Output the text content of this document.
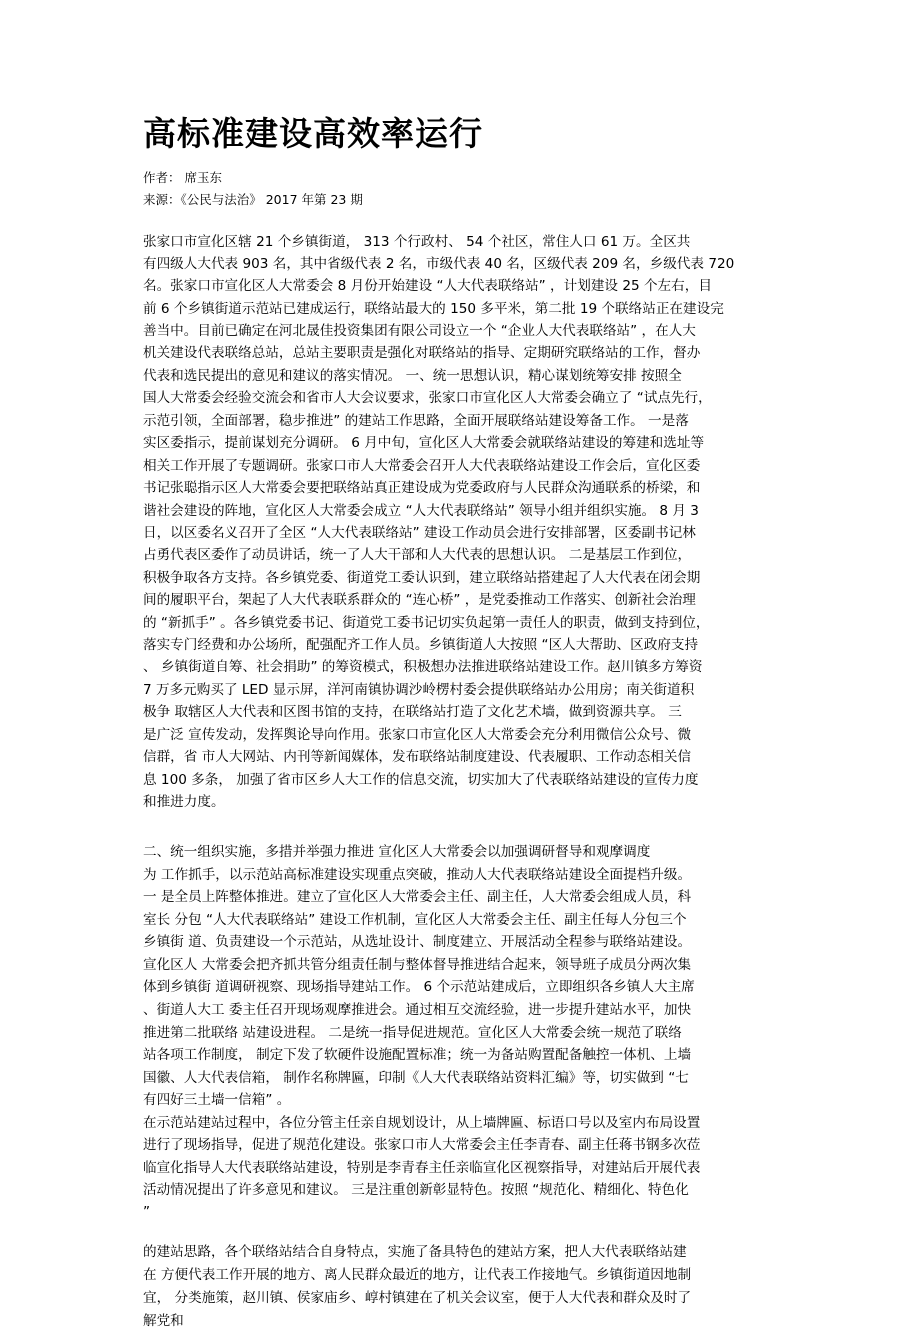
高标准建设高效率运行
作者： 席玉东
来源：《公民与法治》 2017 年第 23 期
张家口市宣化区辖 21 个乡镇街道， 313 个行政村、 54 个社区，常住人口 61 万。全区共
有四级人大代表 903 名，其中省级代表 2 名，市级代表 40 名，区级代表 209 名，乡级代表 720
名。张家口市宣化区人大常委会 8 月份开始建设 “人大代表联络站” ，计划建设 25 个左右，目
前 6 个乡镇街道示范站已建成运行，联络站最大的 150 多平米，第二批 19 个联络站正在建设完
善当中。目前已确定在河北晟佳投资集团有限公司设立一个 “企业人大代表联络站” ，在人大
机关建设代表联络总站，总站主要职责是强化对联络站的指导、定期研究联络站的工作，督办
代表和选民提出的意见和建议的落实情况。 一、统一思想认识，精心谋划统筹安排 按照全
国人大常委会经验交流会和省市人大会议要求，张家口市宣化区人大常委会确立了 “试点先行，
示范引领，全面部署，稳步推进” 的建站工作思路，全面开展联络站建设筹备工作。 一是落
实区委指示，提前谋划充分调研。 6 月中旬，宣化区人大常委会就联络站建设的筹建和选址等
相关工作开展了专题调研。张家口市人大常委会召开人大代表联络站建设工作会后，宣化区委
书记张聪指示区人大常委会要把联络站真正建设成为党委政府与人民群众沟通联系的桥梁，和
谐社会建设的阵地，宣化区人大常委会成立 “人大代表联络站” 领导小组并组织实施。 8 月 3
日，以区委名义召开了全区 “人大代表联络站” 建设工作动员会进行安排部署，区委副书记林
占勇代表区委作了动员讲话，统一了人大干部和人大代表的思想认识。 二是基层工作到位，
积极争取各方支持。各乡镇党委、街道党工委认识到，建立联络站搭建起了人大代表在闭会期
间的履职平台，架起了人大代表联系群众的 “连心桥” ，是党委推动工作落实、创新社会治理
的 “新抓手” 。各乡镇党委书记、街道党工委书记切实负起第一责任人的职责，做到支持到位，
落实专门经费和办公场所，配强配齐工作人员。乡镇街道人大按照 “区人大帮助、区政府支持
、 乡镇街道自筹、社会捐助” 的筹资模式，积极想办法推进联络站建设工作。赵川镇多方筹资
7 万多元购买了 LED 显示屏，洋河南镇协调沙岭楞村委会提供联络站办公用房；南关街道积
极争 取辖区人大代表和区图书馆的支持，在联络站打造了文化艺术墙，做到资源共享。 三
是广泛 宣传发动，发挥舆论导向作用。张家口市宣化区人大常委会充分利用微信公众号、微
信群，省 市人大网站、内刊等新闻媒体，发布联络站制度建设、代表履职、工作动态相关信
息 100 多条， 加强了省市区乡人大工作的信息交流，切实加大了代表联络站建设的宣传力度
和推进力度。
二、统一组织实施，多措并举强力推进 宣化区人大常委会以加强调研督导和观摩调度
为 工作抓手，以示范站高标准建设实现重点突破，推动人大代表联络站建设全面提档升级。
一 是全员上阵整体推进。建立了宣化区人大常委会主任、副主任，人大常委会组成人员，科
室长 分包 “人大代表联络站” 建设工作机制，宣化区人大常委会主任、副主任每人分包三个
乡镇街 道、负责建设一个示范站，从选址设计、制度建立、开展活动全程参与联络站建设。
宣化区人 大常委会把齐抓共管分组责任制与整体督导推进结合起来，领导班子成员分两次集
体到乡镇街 道调研视察、现场指导建站工作。 6 个示范站建成后，立即组织各乡镇人大主席
、街道人大工 委主任召开现场观摩推进会。通过相互交流经验，进一步提升建站水平，加快
推进第二批联络 站建设进程。 二是统一指导促进规范。宣化区人大常委会统一规范了联络
站各项工作制度， 制定下发了软硬件设施配置标准；统一为备站购置配备触控一体机、上墙
国徽、人大代表信箱， 制作名称牌匾，印制《人大代表联络站资料汇编》等，切实做到 “七
有四好三土墙一信箱” 。
在示范站建站过程中，各位分管主任亲自规划设计，从上墙牌匾、标语口号以及室内布局设置
进行了现场指导，促进了规范化建设。张家口市人大常委会主任李青春、副主任蒋书钢多次莅
临宣化指导人大代表联络站建设，特别是李青春主任亲临宣化区视察指导，对建站后开展代表
活动情况提出了许多意见和建议。 三是注重创新彰显特色。按照 “规范化、精细化、特色化
”
的建站思路，各个联络站结合自身特点，实施了备具特色的建站方案，把人大代表联络站建
在 方便代表工作开展的地方、离人民群众最近的地方，让代表工作接地气。乡镇街道因地制
宜， 分类施策，赵川镇、侯家庙乡、崞村镇建在了机关会议室，便于人大代表和群众及时了
解党和
